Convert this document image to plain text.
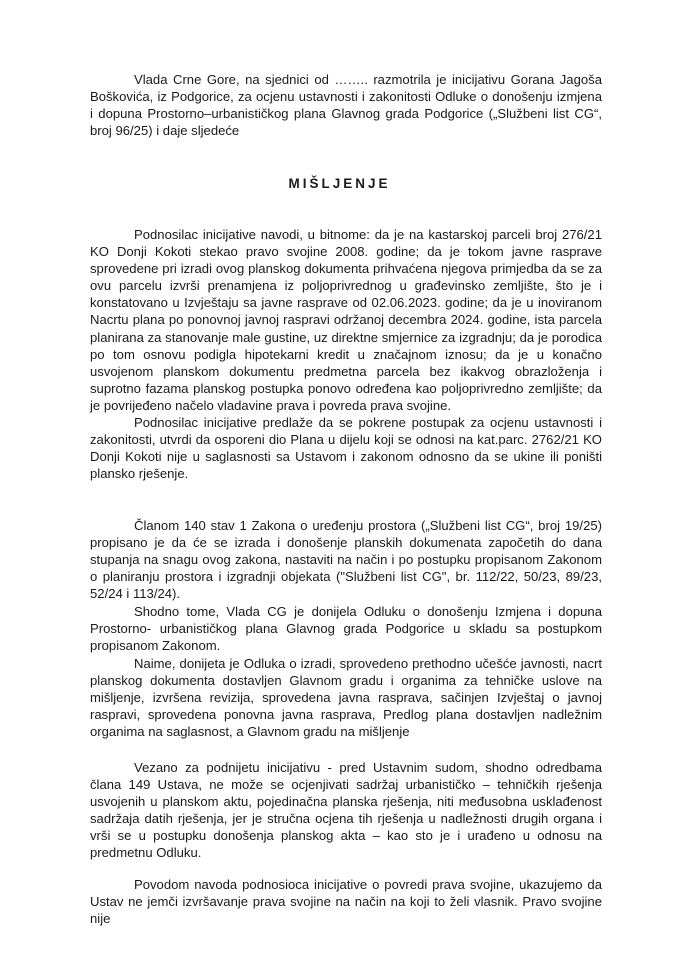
Vlada Crne Gore, na sjednici od …….. razmotrila je inicijativu Gorana Jagoša Boškovića, iz Podgorice, za ocjenu ustavnosti i zakonitosti Odluke o donošenju izmjena i dopuna Prostorno–urbanističkog plana Glavnog grada Podgorice („Službeni list CG“, broj 96/25) i daje sljedeće

MIŠLJENJE

Podnosilac inicijative navodi, u bitnome: da je na kastarskoj parceli broj 276/21 KO Donji Kokoti stekao pravo svojine 2008. godine; da je tokom javne rasprave sprovedene pri izradi ovog planskog dokumenta prihvaćena njegova primjedba da se za ovu parcelu izvrši prenamjena iz poljoprivrednog u građevinsko zemljište, što je i konstatovano u Izvještaju sa javne rasprave od 02.06.2023. godine; da je u inoviranom Nacrtu plana po ponovnoj javnoj raspravi održanoj decembra 2024. godine, ista parcela planirana za stanovanje male gustine, uz direktne smjernice za izgradnju; da je porodica po tom osnovu podigla hipotekarni kredit u značajnom iznosu; da je u konačno usvojenom planskom dokumentu predmetna parcela bez ikakvog obrazloženja i suprotno fazama planskog postupka ponovo određena kao poljoprivredno zemljište; da je povrijeđeno načelo vladavine prava i povreda prava svojine.

Podnosilac inicijative predlaže da se pokrene postupak za ocjenu ustavnosti i zakonitosti, utvrdi da osporeni dio Plana u dijelu koji se odnosi na kat.parc. 2762/21 KO Donji Kokoti nije u saglasnosti sa Ustavom i zakonom odnosno da se ukine ili poništi plansko rješenje.

Članom 140 stav 1 Zakona o uređenju prostora („Službeni list CG“, broj 19/25) propisano je da će se izrada i donošenje planskih dokumenata započetih do dana stupanja na snagu ovog zakona, nastaviti na način i po postupku propisanom Zakonom o planiranju prostora i izgradnji objekata ("Službeni list CG", br. 112/22, 50/23, 89/23, 52/24 i 113/24).

Shodno tome, Vlada CG je donijela Odluku o donošenju Izmjena i dopuna Prostorno- urbanističkog plana Glavnog grada Podgorice u skladu sa postupkom propisanom Zakonom.

Naime, donijeta je Odluka o izradi, sprovedeno prethodno učešće javnosti, nacrt planskog dokumenta dostavljen Glavnom gradu i organima za tehničke uslove na mišljenje, izvršena revizija, sprovedena javna rasprava, sačinjen Izvještaj o javnoj raspravi, sprovedena ponovna javna rasprava, Predlog plana dostavljen nadležnim organima na saglasnost, a Glavnom gradu na mišljenje

Vezano za podnijetu inicijativu - pred Ustavnim sudom, shodno odredbama člana 149 Ustava, ne može se ocjenjivati sadržaj urbanističko – tehničkih rješenja usvojenih u planskom aktu, pojedinačna planska rješenja, niti međusobna usklađenost sadržaja datih rješenja, jer je stručna ocjena tih rješenja u nadležnosti drugih organa i vrši se u postupku donošenja planskog akta – kao sto je i urađeno u odnosu na predmetnu Odluku.

Povodom navoda podnosioca inicijative o povredi prava svojine, ukazujemo da Ustav ne jemči izvršavanje prava svojine na način na koji to želi vlasnik. Pravo svojine nije
